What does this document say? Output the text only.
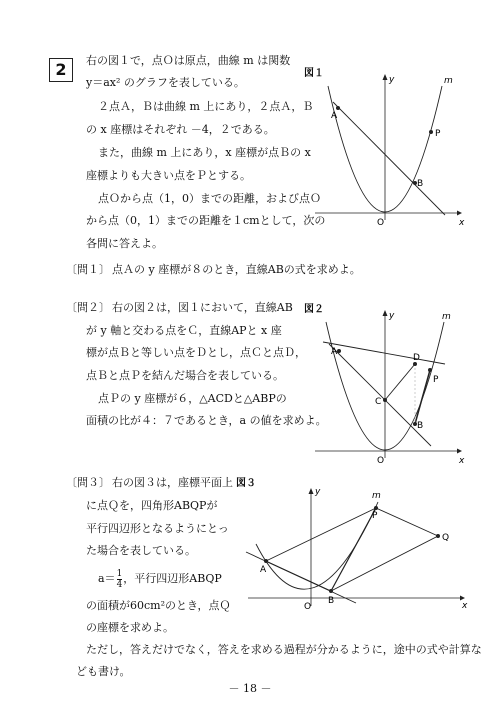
2	右の図１で，点Ｏは原点，曲線 m は関数
y＝ax² のグラフを表している。
２点Ａ，Ｂは曲線 m 上にあり，２点Ａ，Ｂ
の x 座標はそれぞれ －4，２である。
また，曲線 m 上にあり，x 座標が点Ｂの x
座標よりも大きい点をＰとする。
点Ｏから点（1，0）までの距離，および点Ｏ
から点（0，1）までの距離を１cmとして，次の
各問に答えよ。
図１
A
B
P
O	x
y	m
〔問１〕 点Ａの y 座標が８のとき，直線ABの式を求めよ。
〔問２〕 右の図２は，図１において，直線AB
が y 軸と交わる点をＣ，直線APと x 座
標が点Ｂと等しい点をＤとし，点Ｃと点Ｄ，
点Ｂと点Ｐを結んだ場合を表している。
点Ｐの y 座標が６，△ACDと△ABPの
面積の比が４：７であるとき，a の値を求めよ。
図２
A
B
P
C
D
O	x
y	m
〔問３〕 右の図３は，座標平面上
に点Ｑを，四角形ABQPが
平行四辺形となるようにとっ
た場合を表している。
$a= \frac{1}{4}$ ，平行四辺形ABQP
の面積が60cm²のとき，点Ｑ
の座標を求めよ。
ただし，答えだけでなく，答えを求める過程が分かるように，途中の式や計算な
ども書け。
図３
A
B
P
Q
O	x
y	m
－ 18 －
